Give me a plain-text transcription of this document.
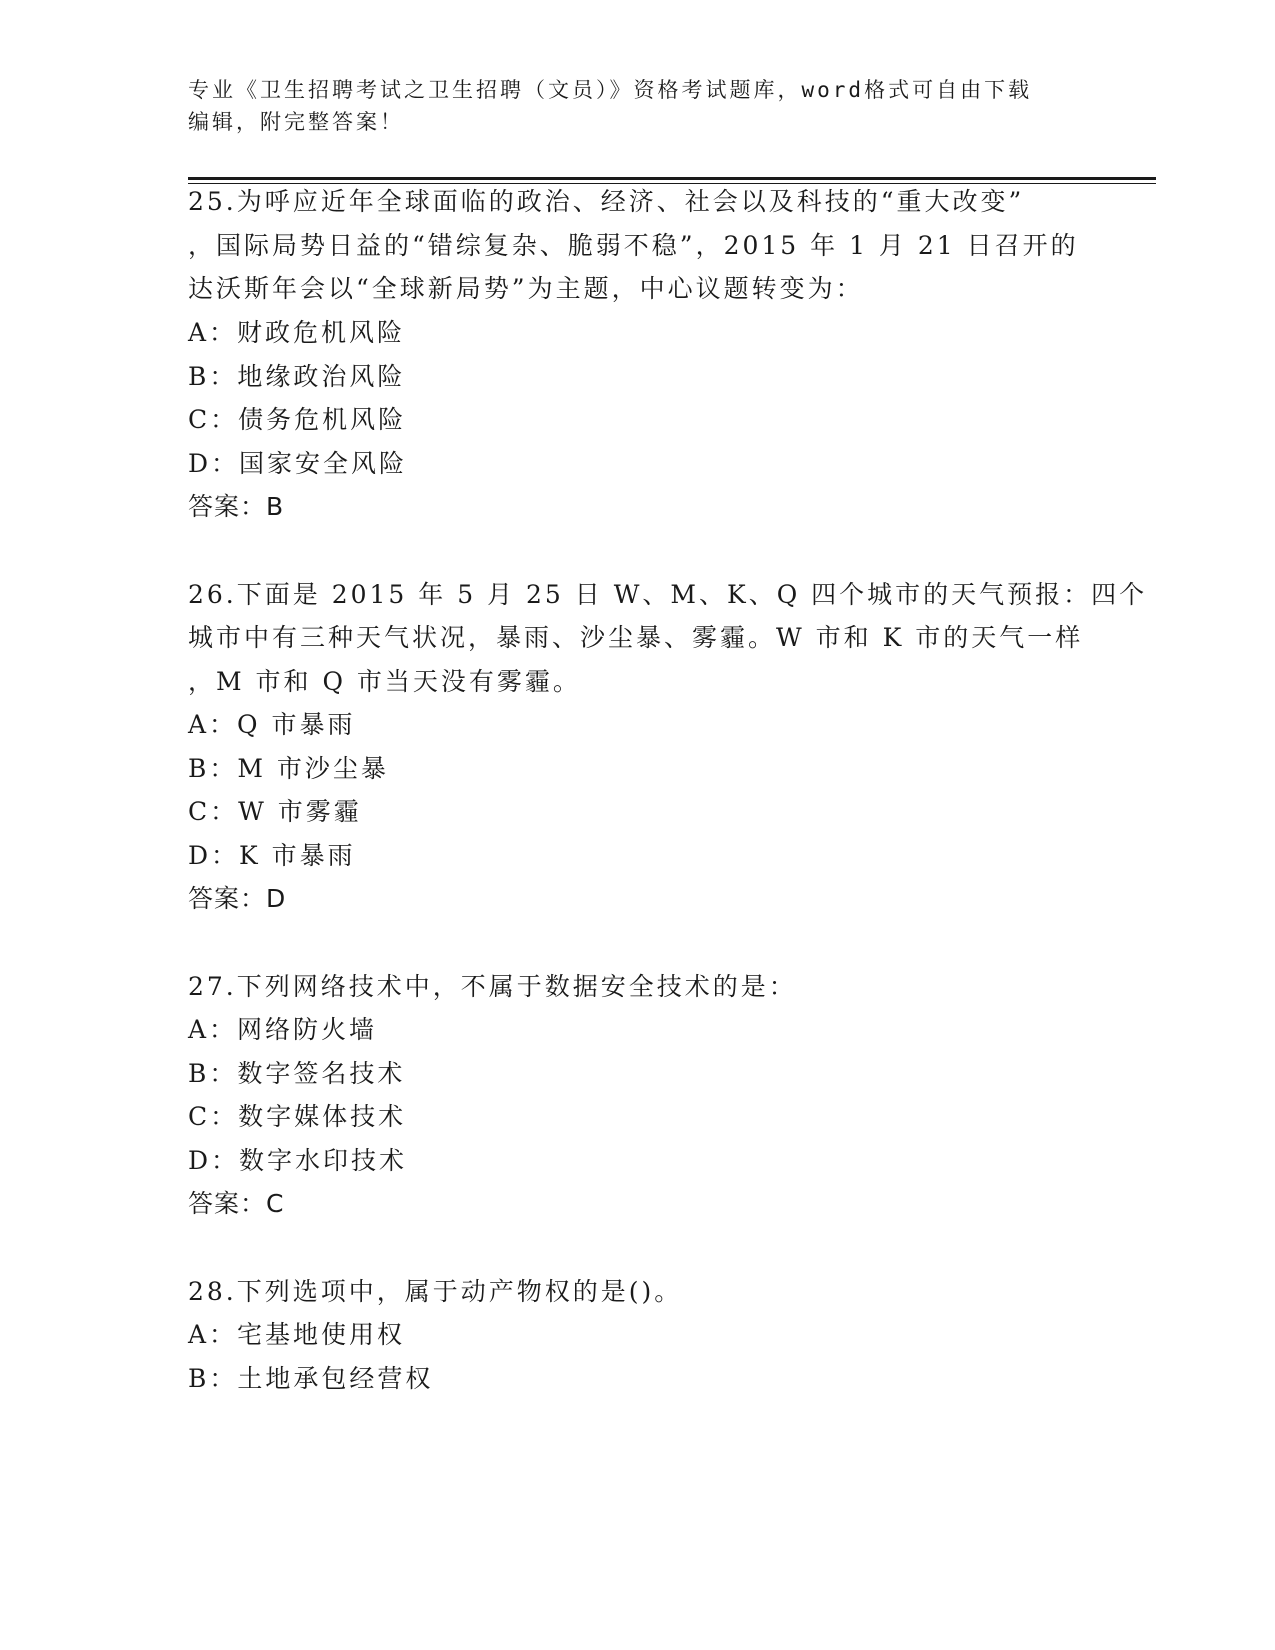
专业《卫生招聘考试之卫生招聘（文员）》资格考试题库，word格式可自由下载
编辑，附完整答案！
25.为呼应近年全球面临的政治、经济、社会以及科技的“重大改变”
，国际局势日益的“错综复杂、脆弱不稳”，2015 年 1 月 21 日召开的
达沃斯年会以“全球新局势”为主题，中心议题转变为：
A：财政危机风险
B：地缘政治风险
C：债务危机风险
D：国家安全风险
答案：B
26.下面是 2015 年 5 月 25 日 W、M、K、Q 四个城市的天气预报：四个
城市中有三种天气状况，暴雨、沙尘暴、雾霾。W 市和 K 市的天气一样
，M 市和 Q 市当天没有雾霾。
A：Q 市暴雨
B：M 市沙尘暴
C：W 市雾霾
D：K 市暴雨
答案：D
27.下列网络技术中，不属于数据安全技术的是：
A：网络防火墙
B：数字签名技术
C：数字媒体技术
D：数字水印技术
答案：C
28.下列选项中，属于动产物权的是()。
A：宅基地使用权
B：土地承包经营权
